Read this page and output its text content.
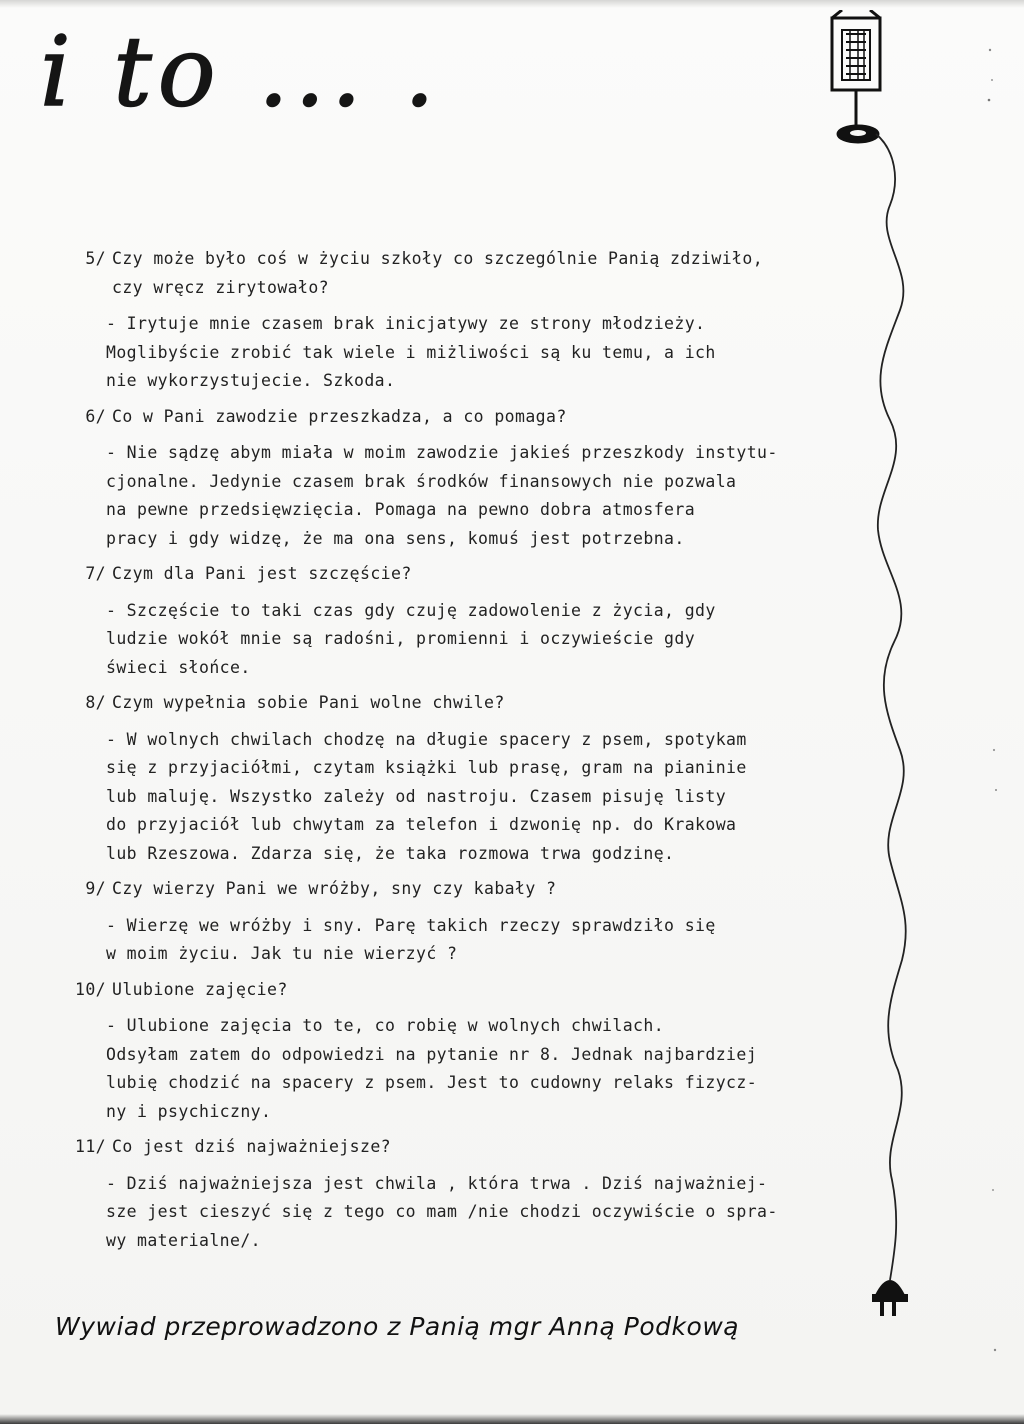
i to ... .
5/ Czy może było coś w życiu szkoły co szczególnie Panią zdziwiło,
czy wręcz zirytowało?
- Irytuje mnie czasem brak inicjatywy ze strony młodzieży.
Moglibyście zrobić tak wiele i miżliwości są ku temu, a ich
nie wykorzystujecie. Szkoda.
6/ Co w Pani zawodzie przeszkadza, a co pomaga?
- Nie sądzę abym miała w moim zawodzie jakieś przeszkody instytu-
cjonalne. Jedynie czasem brak środków finansowych nie pozwala
na pewne przedsięwzięcia. Pomaga na pewno dobra atmosfera
pracy i gdy widzę, że ma ona sens, komuś jest potrzebna.
7/ Czym dla Pani jest szczęście?
- Szczęście to taki czas gdy czuję zadowolenie z życia, gdy
ludzie wokół mnie są radośni, promienni i oczywieście gdy
świeci słońce.
8/ Czym wypełnia sobie Pani wolne chwile?
- W wolnych chwilach chodzę na długie spacery z psem, spotykam
się z przyjaciółmi, czytam książki lub prasę, gram na pianinie
lub maluję. Wszystko zależy od nastroju. Czasem pisuję listy
do przyjaciół lub chwytam za telefon i dzwonię np. do Krakowa
lub Rzeszowa. Zdarza się, że taka rozmowa trwa godzinę.
9/ Czy wierzy Pani we wróżby, sny czy kabały ?
- Wierzę we wróżby i sny. Parę takich rzeczy sprawdziło się
w moim życiu. Jak tu nie wierzyć ?
10/ Ulubione zajęcie?
- Ulubione zajęcia to te, co robię w wolnych chwilach.
Odsyłam zatem do odpowiedzi na pytanie nr 8. Jednak najbardziej
lubię chodzić na spacery z psem. Jest to cudowny relaks fizycz-
ny i psychiczny.
11/ Co jest dziś najważniejsze?
- Dziś najważniejsza jest chwila , która trwa . Dziś najważniej-
sze jest cieszyć się z tego co mam /nie chodzi oczywiście o spra-
wy materialne/.
Wywiad przeprowadzono z Panią mgr Anną Podkową
